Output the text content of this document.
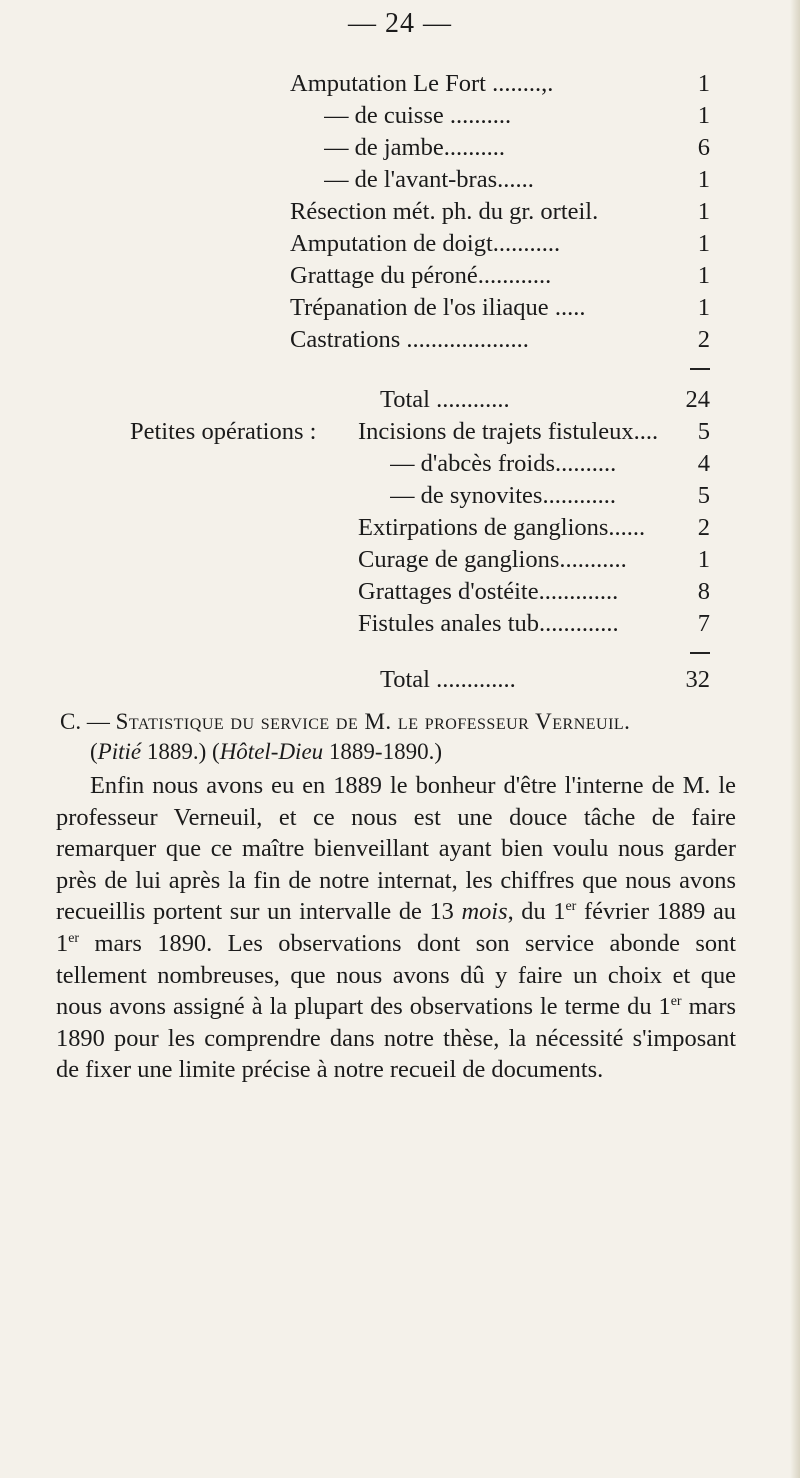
— 24 —
Amputation Le Fort ........,.	1
— de cuisse ..........	1
— de jambe..........	6
— de l'avant-bras......	1
Résection mét. ph. du gr. orteil.	1
Amputation de doigt...........	1
Grattage du péroné............	1
Trépanation de l'os iliaque .....	1
Castrations ....................	2
Total ............	24
Petites opérations : Incisions de trajets fistuleux....	5
— d'abcès froids..........	4
— de synovites............	5
Extirpations de ganglions......	2
Curage de ganglions...........	1
Grattages d'ostéite.............	8
Fistules anales tub.............	7
Total .............	32
C. — Statistique du service de M. le professeur Verneuil.
(Pitié 1889.) (Hôtel-Dieu 1889-1890.)
Enfin nous avons eu en 1889 le bonheur d'être l'interne de M. le professeur Verneuil, et ce nous est une douce tâche de faire remarquer que ce maître bienveillant ayant bien voulu nous garder près de lui après la fin de notre internat, les chiffres que nous avons recueillis portent sur un intervalle de 13 mois, du 1er février 1889 au 1er mars 1890. Les observations dont son service abonde sont tellement nombreuses, que nous avons dû y faire un choix et que nous avons assigné à la plupart des observations le terme du 1er mars 1890 pour les comprendre dans notre thèse, la nécessité s'imposant de fixer une limite précise à notre recueil de documents.
